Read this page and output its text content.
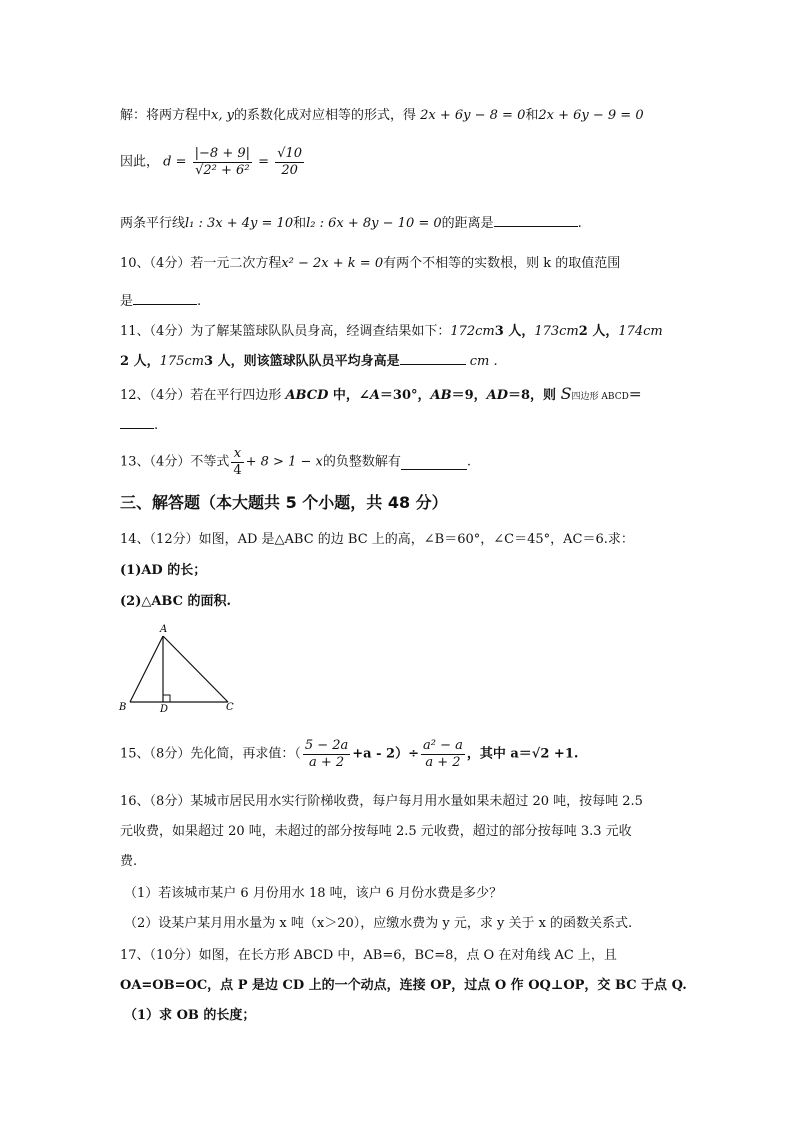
解：将两方程中x, y的系数化成对应相等的形式，得 2x + 6y − 8 = 0和2x + 6y − 9 = 0
因此， $d = \frac{|-8 + 9|}{\text{√2² + 6²}} = \frac{√10}{20}$
两条平行线l₁ : 3x + 4y = 10和l₂ : 6x + 8y − 10 = 0的距离是	.
10、（4分）若一元二次方程x² − 2x + k = 0有两个不相等的实数根，则 k 的取值范围
是	.
11、（4分）为了解某篮球队队员身高，经调查结果如下：172cm3 人，173cm2 人，174cm
2 人，175cm3 人，则该篮球队队员平均身高是	cm .
12、（4分）若在平行四边形 ABCD 中，∠A＝30°，AB＝9，AD＝8，则 S四边形 ABCD＝
.
13、（4分）不等式 $\frac{x}{4} + 8 > 1 - x$的负整数解有	.
三、解答题（本大题共 5 个小题，共 48 分）
14、（12分）如图，AD 是△ABC 的边 BC 上的高，∠B＝60°，∠C＝45°，AC＝6.求：
(1)AD 的长；
(2)△ABC 的面积.
A
B	D	C
15、（8分）先化简，再求值：（ $\frac{5 - 2a}{a + 2} +a - 2)\div \frac{\text{a² − a}}{a + 2}$ ，其中 a＝√2 +1.
16、（8分）某城市居民用水实行阶梯收费，每户每月用水量如果未超过 20 吨，按每吨 2.5
元收费，如果超过 20 吨，未超过的部分按每吨 2.5 元收费，超过的部分按每吨 3.3 元收
费.
（1）若该城市某户 6 月份用水 18 吨，该户 6 月份水费是多少？
（2）设某户某月用水量为 x 吨（x＞20），应缴水费为 y 元，求 y 关于 x 的函数关系式.
17、（10分）如图，在长方形 ABCD 中，AB=6，BC=8，点 O 在对角线 AC 上，且
OA=OB=OC，点 P 是边 CD 上的一个动点，连接 OP，过点 O 作 OQ⊥OP，交 BC 于点 Q.
（1）求 OB 的长度；
